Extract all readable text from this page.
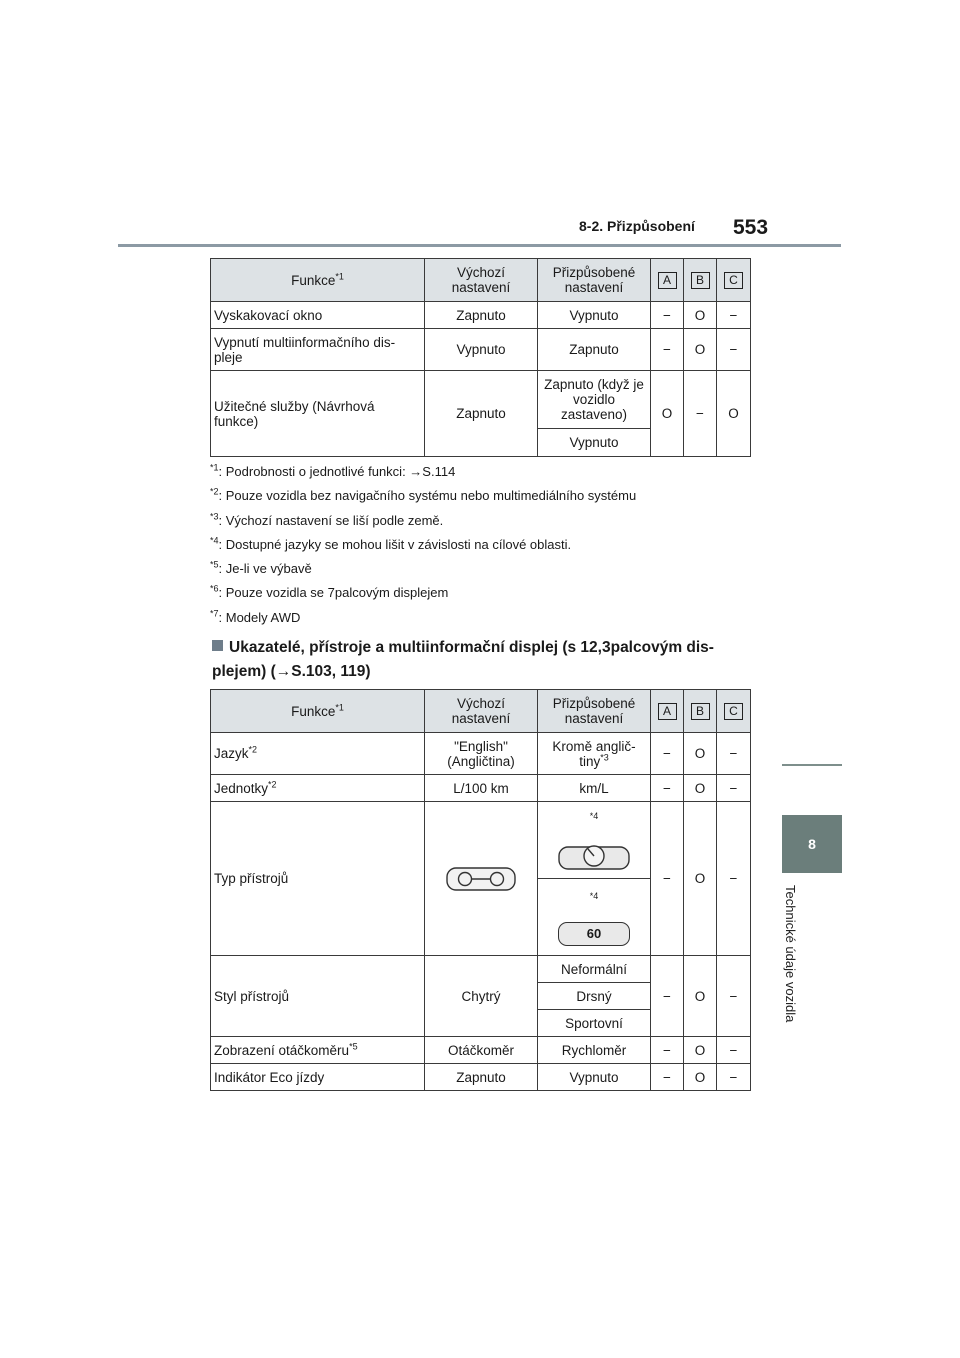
8-2. Přizpůsobení 553
8
Technické údaje vozidla
Funkce$^{*1}$	Výchozí nastavení	Přizpůsobené nastavení	A	B	C
Vyskakovací okno	Zapnuto	Vypnuto	−	O	−
Vypnutí multiinformačního dis-pleje	Vypnuto	Zapnuto	−	O	−
Užitečné služby (Návrhová funkce)	Zapnuto	Zapnuto (když je vozidlo zastaveno)	O	−	O
		Vypnuto			
$^{*1}$: Podrobnosti o jednotlivé funkci: →S.114
$^{*2}$: Pouze vozidla bez navigačního systému nebo multimediálního systému
$^{*3}$: Výchozí nastavení se liší podle země.
$^{*4}$: Dostupné jazyky se mohou lišit v závislosti na cílové oblasti.
$^{*5}$: Je-li ve výbavě
$^{*6}$: Pouze vozidla se 7palcovým displejem
$^{*7}$: Modely AWD
Ukazatelé, přístroje a multiinformační displej (s 12,3palcovým dis-plejem) (→S.103, 119)
Funkce$^{*1}$	Výchozí nastavení	Přizpůsobené nastavení	A	B	C
Jazyk$^{*2}$	"English" (Angličtina)	Kromě anglič-tiny$^{*3}$	−	O	−
Jednotky$^{*2}$	L/100 km	km/L	−	O	−
Typ přístrojů		*4	−	O	−

		*4
60			

Styl přístrojů	Chytrý	Neformální	−	O	−
		Drsný			
		Sportovní			
Zobrazení otáčkoměru$^{*5}$	Otáčkoměr	Rychloměr	−	O	−
Indikátor Eco jízdy	Zapnuto	Vypnuto	−	O	−
